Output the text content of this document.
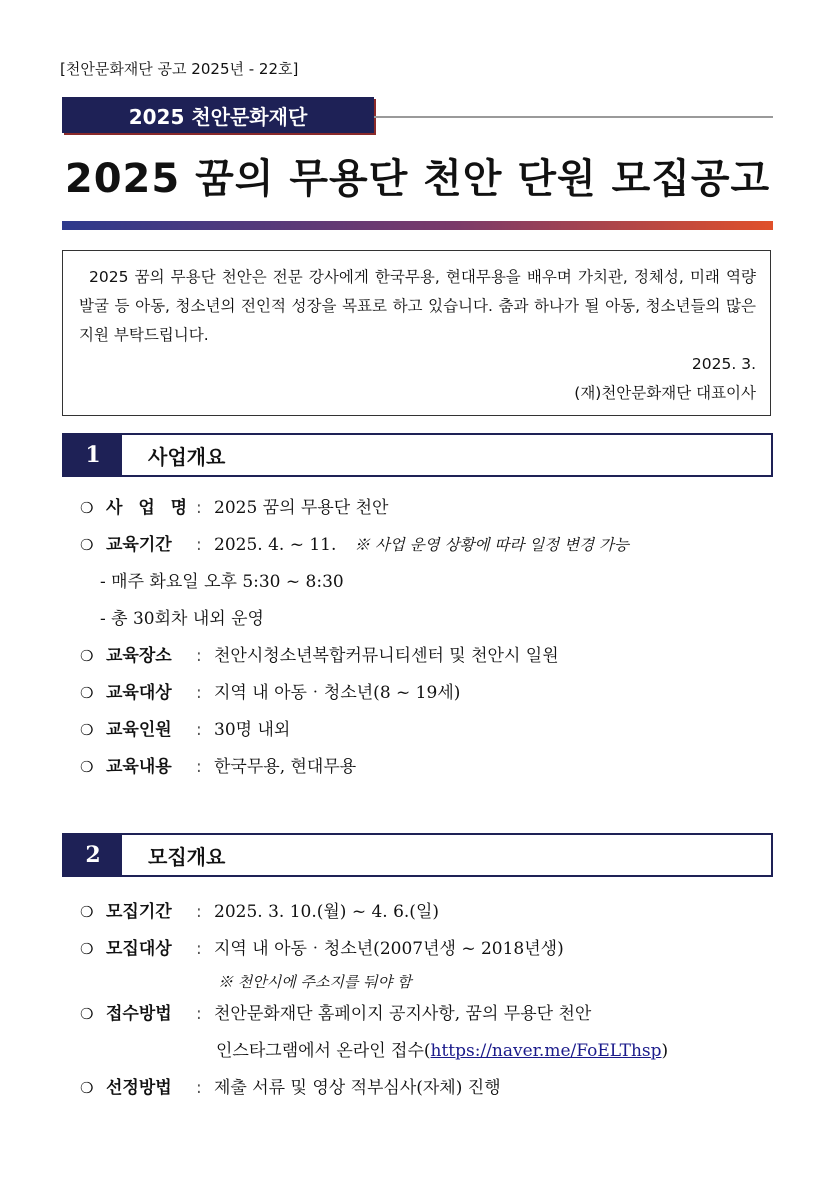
[천안문화재단 공고 2025년 - 22호]
2025 천안문화재단
2025 꿈의 무용단 천안 단원 모집공고
2025 꿈의 무용단 천안은 전문 강사에게 한국무용, 현대무용을 배우며 가치관, 정체성, 미래 역량 발굴 등 아동, 청소년의 전인적 성장을 목표로 하고 있습니다. 춤과 하나가 될 아동, 청소년들의 많은 지원 부탁드립니다.
2025. 3.
(재)천안문화재단 대표이사
1	사업개요
❍ 사 업 명 : 2025 꿈의 무용단 천안
❍ 교육기간	: 2025. 4. ~ 11. ※ 사업 운영 상황에 따라 일정 변경 가능
- 매주 화요일 오후 5:30 ~ 8:30
- 총 30회차 내외 운영
❍ 교육장소	: 천안시청소년복합커뮤니티센터 및 천안시 일원
❍ 교육대상	: 지역 내 아동‧청소년(8 ~ 19세)
❍ 교육인원	: 30명 내외
❍ 교육내용	: 한국무용, 현대무용
2	모집개요
❍ 모집기간	: 2025. 3. 10.(월) ~ 4. 6.(일)
❍ 모집대상	: 지역 내 아동‧청소년(2007년생 ~ 2018년생)
※ 천안시에 주소지를 둬야 함
❍ 접수방법	: 천안문화재단 홈페이지 공지사항, 꿈의 무용단 천안
인스타그램에서 온라인 접수( https://naver.me/FoELThsp )
❍ 선정방법	: 제출 서류 및 영상 적부심사(자체) 진행
